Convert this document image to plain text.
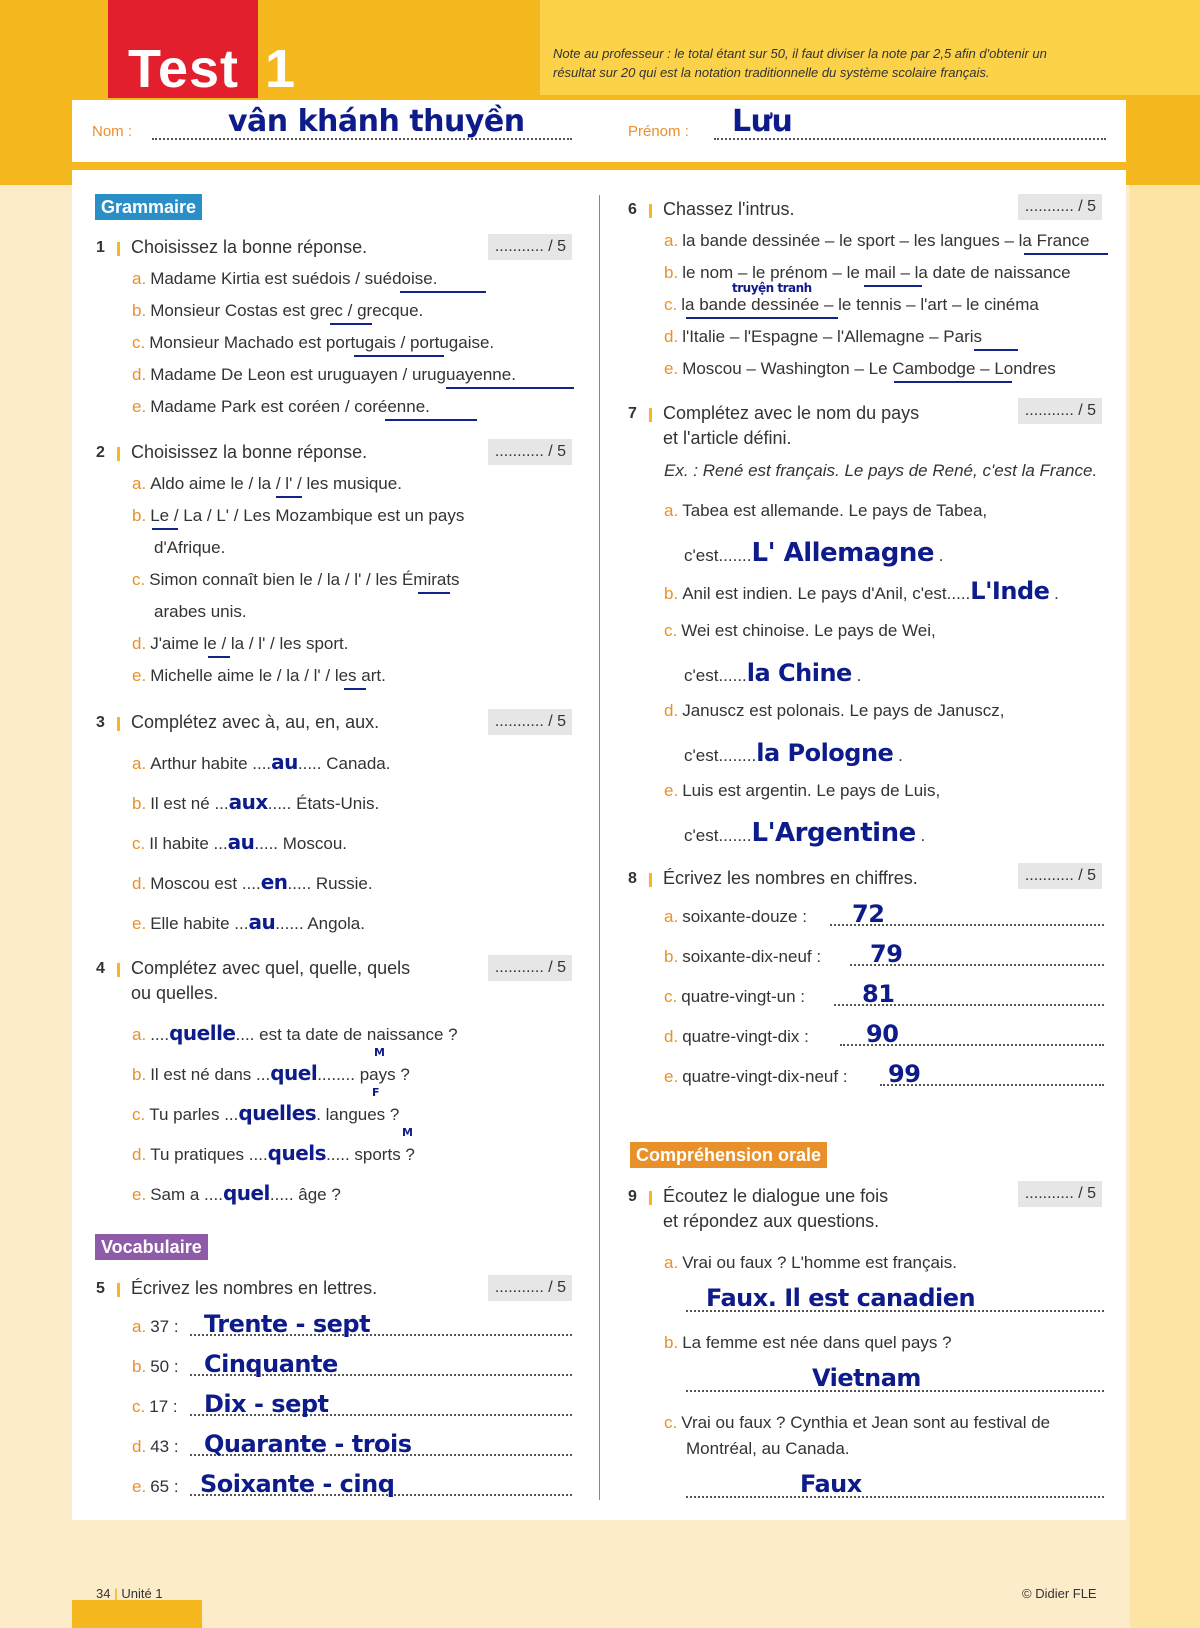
Test 1	Note au professeur : le total étant sur 50, il faut diviser la note par 2,5 afin d'obtenir un résultat sur 20 qui est la notation traditionnelle du système scolaire français.
Nom :	vân khánh thuyền	Prénom : Lưu
Grammaire
1 Choisissez la bonne réponse.	........... / 5
a. Madame Kirtia est suédois / suédoise.
b. Monsieur Costas est grec / grecque.
c. Monsieur Machado est portugais / portugaise.
d. Madame De Leon est uruguayen / uruguayenne.
e. Madame Park est coréen / coréenne.
2 Choisissez la bonne réponse.	........... / 5
a. Aldo aime le / la / l' / les musique.
b. Le / La / L' / Les Mozambique est un pays
d'Afrique.
c. Simon connaît bien le / la / l' / les Émirats
arabes unis.
d. J'aime le / la / l' / les sport.
e. Michelle aime le / la / l' / les art.
3 Complétez avec à, au, en, aux.	........... / 5
a. Arthur habite ....au..... Canada.
b. Il est né ...aux..... États-Unis.
c. Il habite ...au..... Moscou.
d. Moscou est ....en..... Russie.
e. Elle habite ...au...... Angola.
4 Complétez avec quel, quelle, quels
ou quelles.
........... / 5
a. ....quelle.... est ta date de naissance ?
b. Il est né dans ...quel........ pays ?
c. Tu parles ...quelles. langues ?
d. Tu pratiques ....quels..... sports ?
e. Sam a ....quel..... âge ?
M
F
M
Vocabulaire
5 Écrivez les nombres en lettres.	........... / 5
a. 37 : Trente - sept
b. 50 : Cinquante
c. 17 : Dix - sept
d. 43 : Quarante - trois
e. 65 : Soixante - cinq
6 Chassez l'intrus.	........... / 5
a. la bande dessinée – le sport – les langues – la France
b. le nom – le prénom – le mail – la date de naissance
c. la bande dessinée – le tennis – l'art – le cinéma
d. l'Italie – l'Espagne – l'Allemagne – Paris
e. Moscou – Washington – Le Cambodge – Londres
truyện tranh
7 Complétez avec le nom du pays
et l'article défini.
........... / 5
Ex. : René est français. Le pays de René, c'est la France.
a. Tabea est allemande. Le pays de Tabea,
c'est.......L' Allemagne .
b. Anil est indien. Le pays d'Anil, c'est.....L'Inde .
c. Wei est chinoise. Le pays de Wei,
c'est......la Chine .
d. Januscz est polonais. Le pays de Januscz,
c'est........la Pologne .
e. Luis est argentin. Le pays de Luis,
c'est.......L'Argentine .
8 Écrivez les nombres en chiffres.	........... / 5
a. soixante-douze : 72
b. soixante-dix-neuf : 79
c. quatre-vingt-un : 81
d. quatre-vingt-dix : 90
e. quatre-vingt-dix-neuf : 99
Compréhension orale
9 Écoutez le dialogue une fois
et répondez aux questions.
........... / 5
a. Vrai ou faux ? L'homme est français.
Faux. Il est canadien
b. La femme est née dans quel pays ?
Vietnam
c. Vrai ou faux ? Cynthia et Jean sont au festival de
Montréal, au Canada.
Faux
34 | Unité 1	© Didier FLE
